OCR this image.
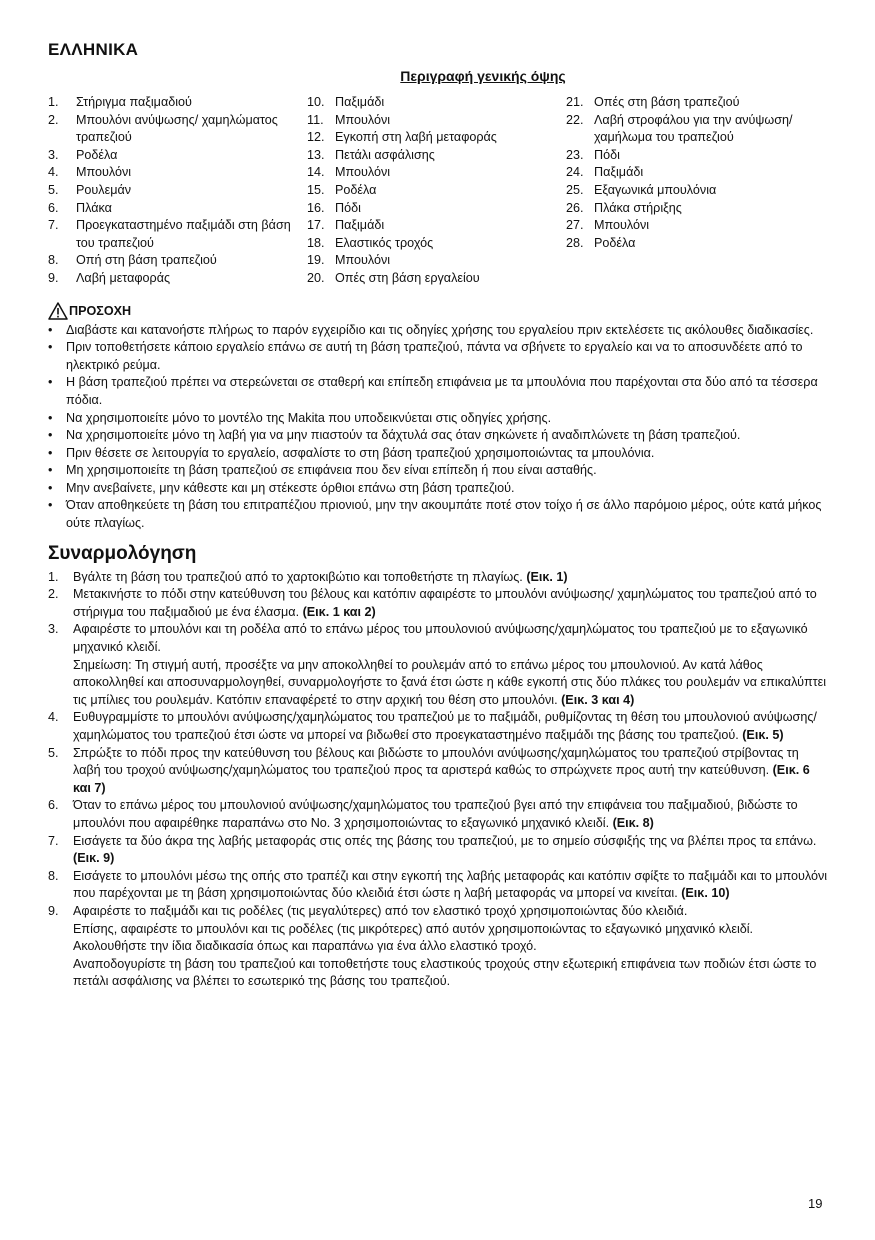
ΕΛΛΗΝΙΚΑ
Περιγραφή γενικής όψης
1.	Στήριγμα παξιμαδιού
2.	Μπουλόνι ανύψωσης/ χαμηλώματος τραπεζιού
3.	Ροδέλα
4.	Μπουλόνι
5.	Ρουλεμάν
6.	Πλάκα
7.	Προεγκαταστημένο παξιμάδι στη βάση του τραπεζιού
8.	Οπή στη βάση τραπεζιού
9.	Λαβή μεταφοράς
10. Παξιμάδι
11. Μπουλόνι
12. Εγκοπή στη λαβή μεταφοράς
13. Πετάλι ασφάλισης
14. Μπουλόνι
15. Ροδέλα
16. Πόδι
17. Παξιμάδι
18. Ελαστικός τροχός
19. Μπουλόνι
20. Οπές στη βάση εργαλείου
21. Οπές στη βάση τραπεζιού
22. Λαβή στροφάλου για την ανύψωση/χαμήλωμα του τραπεζιού
23. Πόδι
24. Παξιμάδι
25. Εξαγωνικά μπουλόνια
26. Πλάκα στήριξης
27. Μπουλόνι
28. Ροδέλα
ΠΡΟΣΟΧΗ
•	Διαβάστε και κατανοήστε πλήρως το παρόν εγχειρίδιο και τις οδηγίες χρήσης του εργαλείου πριν εκτελέσετε τις ακόλουθες διαδικασίες.
•	Πριν τοποθετήσετε κάποιο εργαλείο επάνω σε αυτή τη βάση τραπεζιού, πάντα να σβήνετε το εργαλείο και να το αποσυνδέετε από το ηλεκτρικό ρεύμα.
•	Η βάση τραπεζιού πρέπει να στερεώνεται σε σταθερή και επίπεδη επιφάνεια με τα μπουλόνια που παρέχονται στα δύο από τα τέσσερα πόδια.
•	Να χρησιμοποιείτε μόνο το μοντέλο της Makita που υποδεικνύεται στις οδηγίες χρήσης.
•	Να χρησιμοποιείτε μόνο τη λαβή για να μην πιαστούν τα δάχτυλά σας όταν σηκώνετε ή αναδιπλώνετε τη βάση τραπεζιού.
•	Πριν θέσετε σε λειτουργία το εργαλείο, ασφαλίστε το στη βάση τραπεζιού χρησιμοποιώντας τα μπουλόνια.
•	Μη χρησιμοποιείτε τη βάση τραπεζιού σε επιφάνεια που δεν είναι επίπεδη ή που είναι ασταθής.
•	Μην ανεβαίνετε, μην κάθεστε και μη στέκεστε όρθιοι επάνω στη βάση τραπεζιού.
•	Όταν αποθηκεύετε τη βάση του επιτραπέζιου πριονιού, μην την ακουμπάτε ποτέ στον τοίχο ή σε άλλο παρόμοιο μέρος, ούτε κατά μήκος ούτε πλαγίως.
Συναρμολόγηση
1.	Βγάλτε τη βάση του τραπεζιού από το χαρτοκιβώτιο και τοποθετήστε τη πλαγίως. (Εικ. 1)

2.	Μετακινήστε το πόδι στην κατεύθυνση του βέλους και κατόπιν αφαιρέστε το μπουλόνι ανύψωσης/ χαμηλώματος του τραπεζιού από το στήριγμα του παξιμαδιού με ένα έλασμα. (Εικ. 1 και 2)

3.	Αφαιρέστε το μπουλόνι και τη ροδέλα από το επάνω μέρος του μπουλονιού ανύψωσης/χαμηλώματος του τραπεζιού με το εξαγωνικό μηχανικό κλειδί.

Σημείωση: Τη στιγμή αυτή, προσέξτε να μην αποκολληθεί το ρουλεμάν από το επάνω μέρος του μπουλονιού. Αν κατά λάθος αποκολληθεί και αποσυναρμολογηθεί, συναρμολογήστε το ξανά έτσι ώστε η κάθε εγκοπή στις δύο πλάκες του ρουλεμάν να επικαλύπτει τις μπίλιες του ρουλεμάν. Κατόπιν επαναφέρετέ το στην αρχική του θέση στο μπουλόνι. (Εικ. 3 και 4)

4.	Ευθυγραμμίστε το μπουλόνι ανύψωσης/χαμηλώματος του τραπεζιού με το παξιμάδι, ρυθμίζοντας τη θέση του μπουλονιού ανύψωσης/χαμηλώματος του τραπεζιού έτσι ώστε να μπορεί να βιδωθεί στο προεγκαταστημένο παξιμάδι της βάσης του τραπεζιού. (Εικ. 5)

5.	Σπρώξτε το πόδι προς την κατεύθυνση του βέλους και βιδώστε το μπουλόνι ανύψωσης/χαμηλώματος του τραπεζιού στρίβοντας τη λαβή του τροχού ανύψωσης/χαμηλώματος του τραπεζιού προς τα αριστερά καθώς το σπρώχνετε προς αυτή την κατεύθυνση. (Εικ. 6 και 7)

6.	Όταν το επάνω μέρος του μπουλονιού ανύψωσης/χαμηλώματος του τραπεζιού βγει από την επιφάνεια του παξιμαδιού, βιδώστε το μπουλόνι που αφαιρέθηκε παραπάνω στο No. 3 χρησιμοποιώντας το εξαγωνικό μηχανικό κλειδί. (Εικ. 8)

7.	Εισάγετε τα δύο άκρα της λαβής μεταφοράς στις οπές της βάσης του τραπεζιού, με το σημείο σύσφιξής της να βλέπει προς τα επάνω. (Εικ. 9)

8.	Εισάγετε το μπουλόνι μέσω της οπής στο τραπέζι και στην εγκοπή της λαβής μεταφοράς και κατόπιν σφίξτε το παξιμάδι και το μπουλόνι που παρέχονται με τη βάση χρησιμοποιώντας δύο κλειδιά έτσι ώστε η λαβή μεταφοράς να μπορεί να κινείται. (Εικ. 10)

9.	Αφαιρέστε το παξιμάδι και τις ροδέλες (τις μεγαλύτερες) από τον ελαστικό τροχό χρησιμοποιώντας δύο κλειδιά.

Επίσης, αφαιρέστε το μπουλόνι και τις ροδέλες (τις μικρότερες) από αυτόν χρησιμοποιώντας το εξαγωνικό μηχανικό κλειδί.

Ακολουθήστε την ίδια διαδικασία όπως και παραπάνω για ένα άλλο ελαστικό τροχό.

Αναποδογυρίστε τη βάση του τραπεζιού και τοποθετήστε τους ελαστικούς τροχούς στην εξωτερική επιφάνεια των ποδιών έτσι ώστε το πετάλι ασφάλισης να βλέπει το εσωτερικό της βάσης του τραπεζιού.

19
